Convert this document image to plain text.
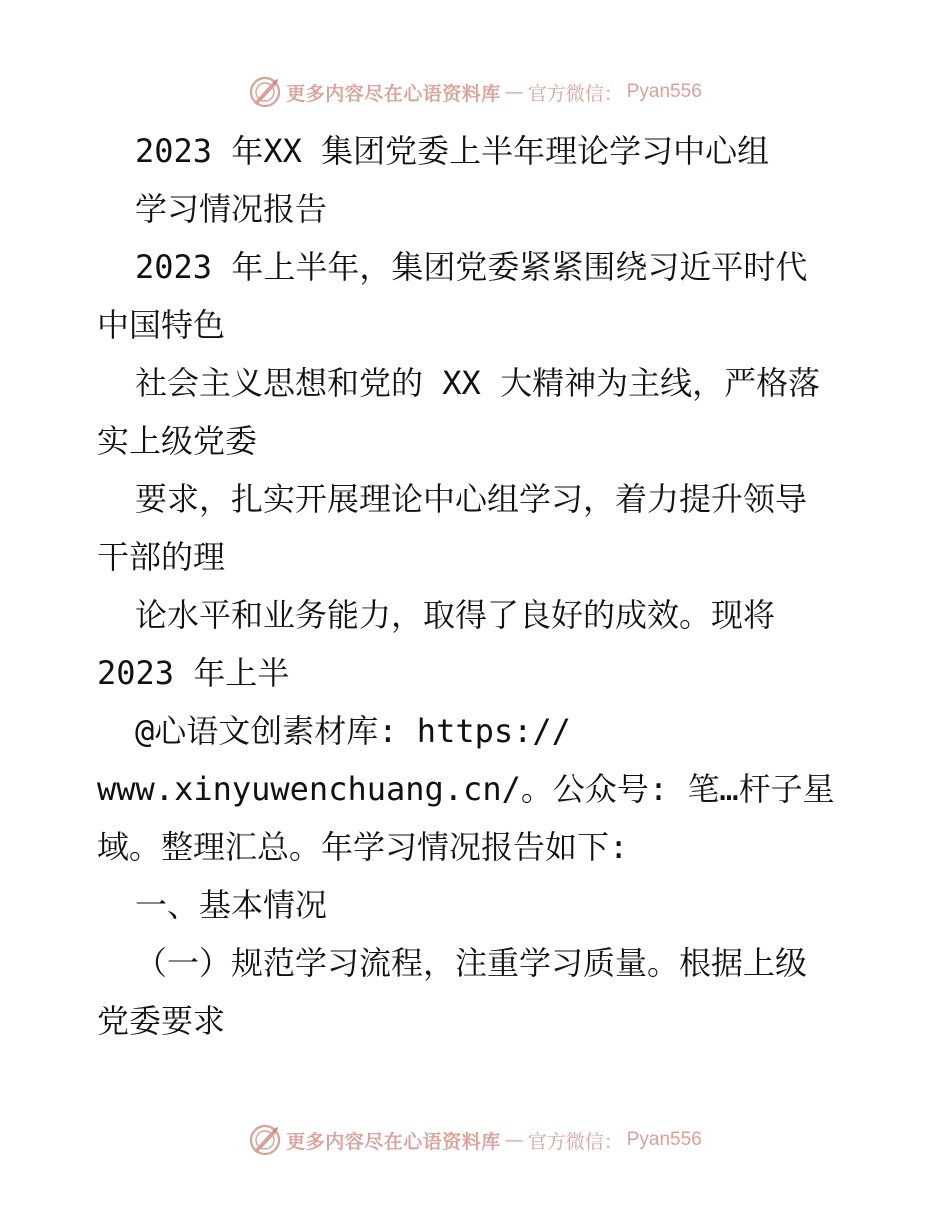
更多内容尽在心语资料库 — 官方微信： Pyan556
2023 年XX 集团党委上半年理论学习中心组
学习情况报告
2023 年上半年，集团党委紧紧围绕习近平时代
中国特色
社会主义思想和党的 XX 大精神为主线，严格落
实上级党委
要求，扎实开展理论中心组学习，着力提升领导
干部的理
论水平和业务能力，取得了良好的成效。现将
2023 年上半
@心语文创素材库: https://
www.xinyuwenchuang.cn/。公众号: 笔…杆子星
域。整理汇总。年学习情况报告如下:
一、基本情况
（一）规范学习流程，注重学习质量。根据上级
党委要求
更多内容尽在心语资料库 — 官方微信： Pyan556
